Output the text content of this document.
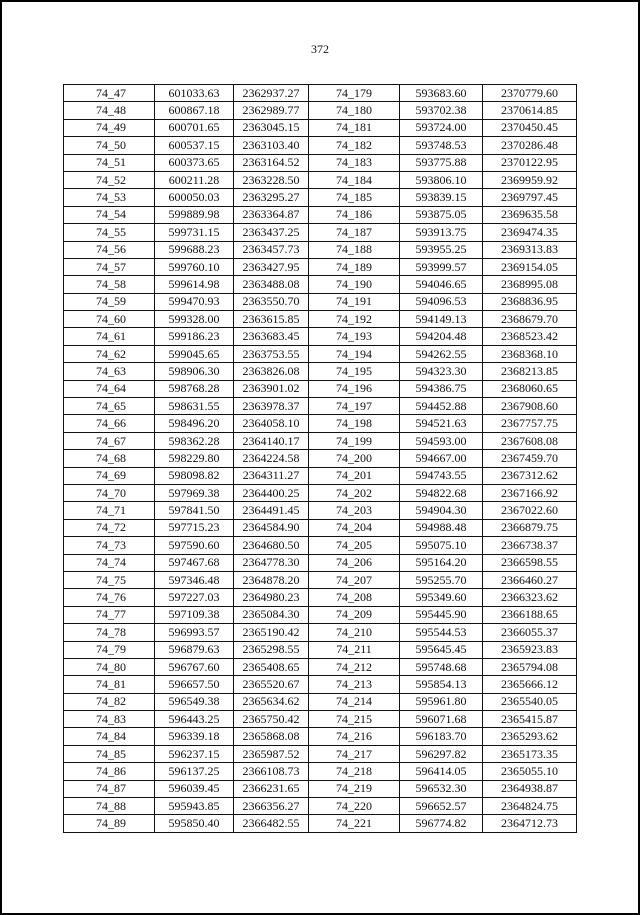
372
74_47	601033.63	2362937.27	74_179	593683.60	2370779.60
74_48	600867.18	2362989.77	74_180	593702.38	2370614.85
74_49	600701.65	2363045.15	74_181	593724.00	2370450.45
74_50	600537.15	2363103.40	74_182	593748.53	2370286.48
74_51	600373.65	2363164.52	74_183	593775.88	2370122.95
74_52	600211.28	2363228.50	74_184	593806.10	2369959.92
74_53	600050.03	2363295.27	74_185	593839.15	2369797.45
74_54	599889.98	2363364.87	74_186	593875.05	2369635.58
74_55	599731.15	2363437.25	74_187	593913.75	2369474.35
74_56	599688.23	2363457.73	74_188	593955.25	2369313.83
74_57	599760.10	2363427.95	74_189	593999.57	2369154.05
74_58	599614.98	2363488.08	74_190	594046.65	2368995.08
74_59	599470.93	2363550.70	74_191	594096.53	2368836.95
74_60	599328.00	2363615.85	74_192	594149.13	2368679.70
74_61	599186.23	2363683.45	74_193	594204.48	2368523.42
74_62	599045.65	2363753.55	74_194	594262.55	2368368.10
74_63	598906.30	2363826.08	74_195	594323.30	2368213.85
74_64	598768.28	2363901.02	74_196	594386.75	2368060.65
74_65	598631.55	2363978.37	74_197	594452.88	2367908.60
74_66	598496.20	2364058.10	74_198	594521.63	2367757.75
74_67	598362.28	2364140.17	74_199	594593.00	2367608.08
74_68	598229.80	2364224.58	74_200	594667.00	2367459.70
74_69	598098.82	2364311.27	74_201	594743.55	2367312.62
74_70	597969.38	2364400.25	74_202	594822.68	2367166.92
74_71	597841.50	2364491.45	74_203	594904.30	2367022.60
74_72	597715.23	2364584.90	74_204	594988.48	2366879.75
74_73	597590.60	2364680.50	74_205	595075.10	2366738.37
74_74	597467.68	2364778.30	74_206	595164.20	2366598.55
74_75	597346.48	2364878.20	74_207	595255.70	2366460.27
74_76	597227.03	2364980.23	74_208	595349.60	2366323.62
74_77	597109.38	2365084.30	74_209	595445.90	2366188.65
74_78	596993.57	2365190.42	74_210	595544.53	2366055.37
74_79	596879.63	2365298.55	74_211	595645.45	2365923.83
74_80	596767.60	2365408.65	74_212	595748.68	2365794.08
74_81	596657.50	2365520.67	74_213	595854.13	2365666.12
74_82	596549.38	2365634.62	74_214	595961.80	2365540.05
74_83	596443.25	2365750.42	74_215	596071.68	2365415.87
74_84	596339.18	2365868.08	74_216	596183.70	2365293.62
74_85	596237.15	2365987.52	74_217	596297.82	2365173.35
74_86	596137.25	2366108.73	74_218	596414.05	2365055.10
74_87	596039.45	2366231.65	74_219	596532.30	2364938.87
74_88	595943.85	2366356.27	74_220	596652.57	2364824.75
74_89	595850.40	2366482.55	74_221	596774.82	2364712.73
